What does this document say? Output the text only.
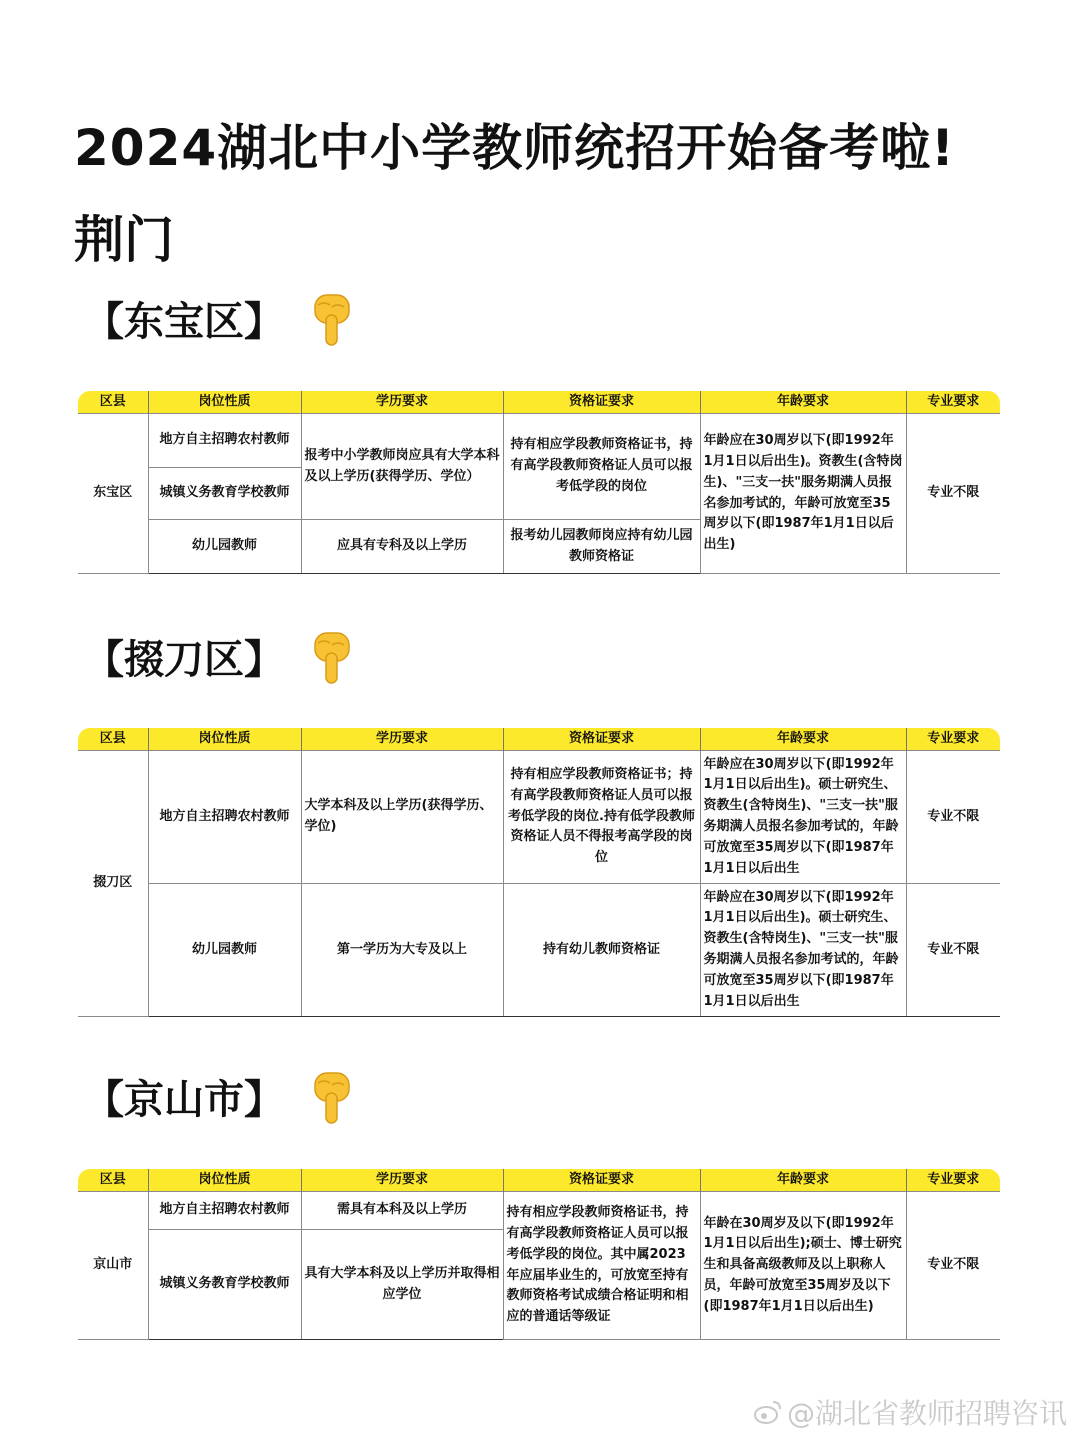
2024湖北中小学教师统招开始备考啦!
荆门
【东宝区】
区县	岗位性质	学历要求	资格证要求	年龄要求	专业要求
东宝区	地方自主招聘农村教师	报考中小学教师岗应具有大学本科及以上学历(获得学历、学位）	持有相应学段教师资格证书，持有高学段教师资格证人员可以报考低学段的岗位	年龄应在30周岁以下(即1992年1月1日以后出生)。资教生(含特岗生)、"三支一扶"服务期满人员报名参加考试的，年龄可放宽至35周岁以下(即1987年1月1日以后出生)	专业不限
	城镇义务教育学校教师				
	幼儿园教师	应具有专科及以上学历	报考幼儿园教师岗应持有幼儿园教师资格证		
【掇刀区】
区县	岗位性质	学历要求	资格证要求	年龄要求	专业要求
掇刀区	地方自主招聘农村教师	大学本科及以上学历(获得学历、学位)	持有相应学段教师资格证书；持有高学段教师资格证人员可以报考低学段的岗位.持有低学段教师资格证人员不得报考高学段的岗位	年龄应在30周岁以下(即1992年1月1日以后出生)。硕士研究生、资教生(含特岗生)、"三支一扶"服务期满人员报名参加考试的，年龄可放宽至35周岁以下(即1987年1月1日以后出生	专业不限
	幼儿园教师	第一学历为大专及以上	持有幼儿教师资格证	年龄应在30周岁以下(即1992年1月1日以后出生)。硕士研究生、资教生(含特岗生)、"三支一扶"服务期满人员报名参加考试的，年龄可放宽至35周岁以下(即1987年1月1日以后出生	专业不限
【京山市】
区县	岗位性质	学历要求	资格证要求	年龄要求	专业要求
京山市	地方自主招聘农村教师	需具有本科及以上学历	持有相应学段教师资格证书，持有高学段教师资格证人员可以报考低学段的岗位。其中属2023年应届毕业生的，可放宽至持有教师资格考试成绩合格证明和相应的普通话等级证	年龄在30周岁及以下(即1992年1月1日以后出生);硕士、博士研究生和具备高级教师及以上职称人员，年龄可放宽至35周岁及以下(即1987年1月1日以后出生)	专业不限
	城镇义务教育学校教师	具有大学本科及以上学历并取得相应学位			
@湖北省教师招聘咨讯
